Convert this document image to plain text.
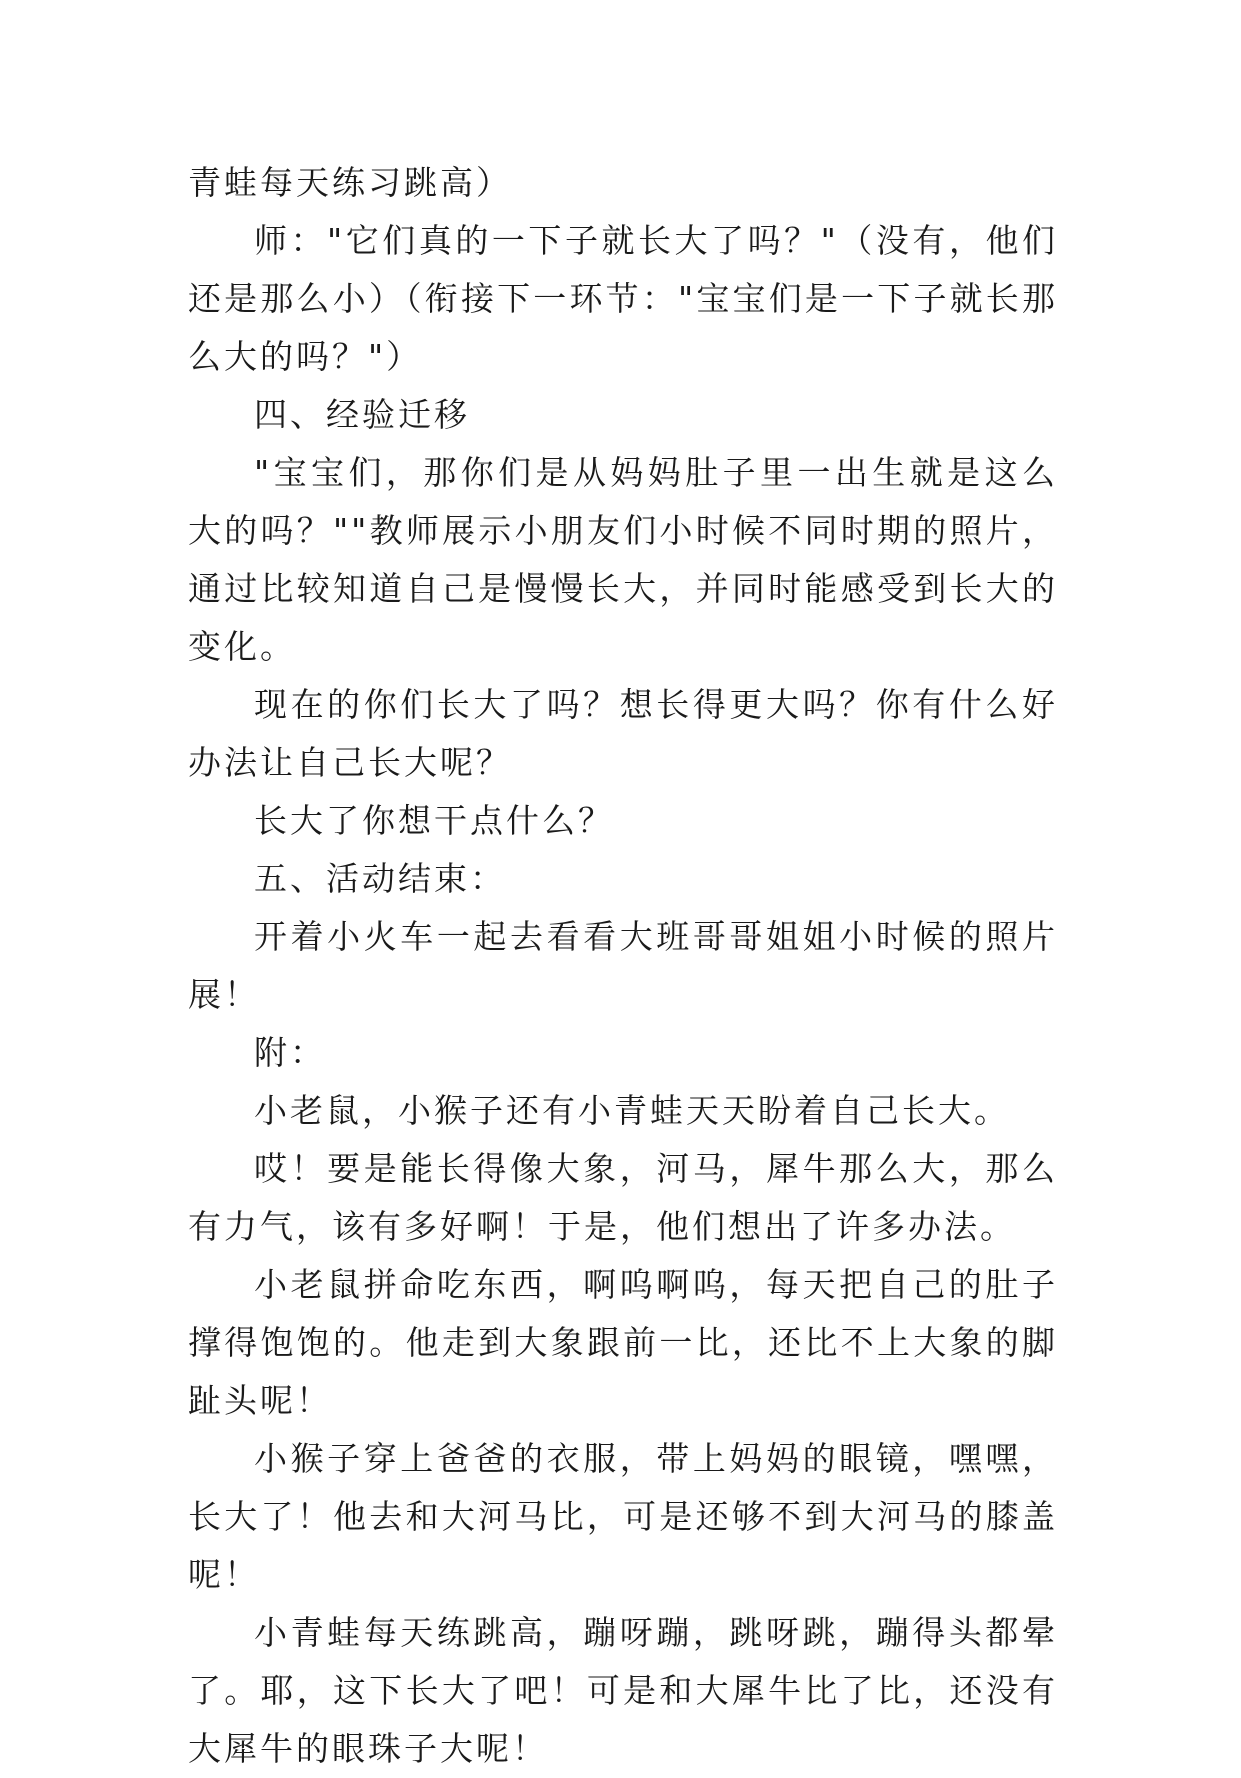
青蛙每天练习跳高）

师："它们真的一下子就长大了吗？"（没有，他们还是那么小）（衔接下一环节："宝宝们是一下子就长那么大的吗？"）

四、经验迁移

"宝宝们，那你们是从妈妈肚子里一出生就是这么大的吗？""教师展示小朋友们小时候不同时期的照片，通过比较知道自己是慢慢长大，并同时能感受到长大的变化。

现在的你们长大了吗？想长得更大吗？你有什么好办法让自己长大呢？

长大了你想干点什么？

五、活动结束：

开着小火车一起去看看大班哥哥姐姐小时候的照片展！

附：

小老鼠，小猴子还有小青蛙天天盼着自己长大。

哎！要是能长得像大象，河马，犀牛那么大，那么有力气，该有多好啊！于是，他们想出了许多办法。

小老鼠拼命吃东西，啊呜啊呜，每天把自己的肚子撑得饱饱的。他走到大象跟前一比，还比不上大象的脚趾头呢！

小猴子穿上爸爸的衣服，带上妈妈的眼镜，嘿嘿，长大了！他去和大河马比，可是还够不到大河马的膝盖呢！

小青蛙每天练跳高，蹦呀蹦，跳呀跳，蹦得头都晕了。耶，这下长大了吧！可是和大犀牛比了比，还没有大犀牛的眼珠子大呢！
